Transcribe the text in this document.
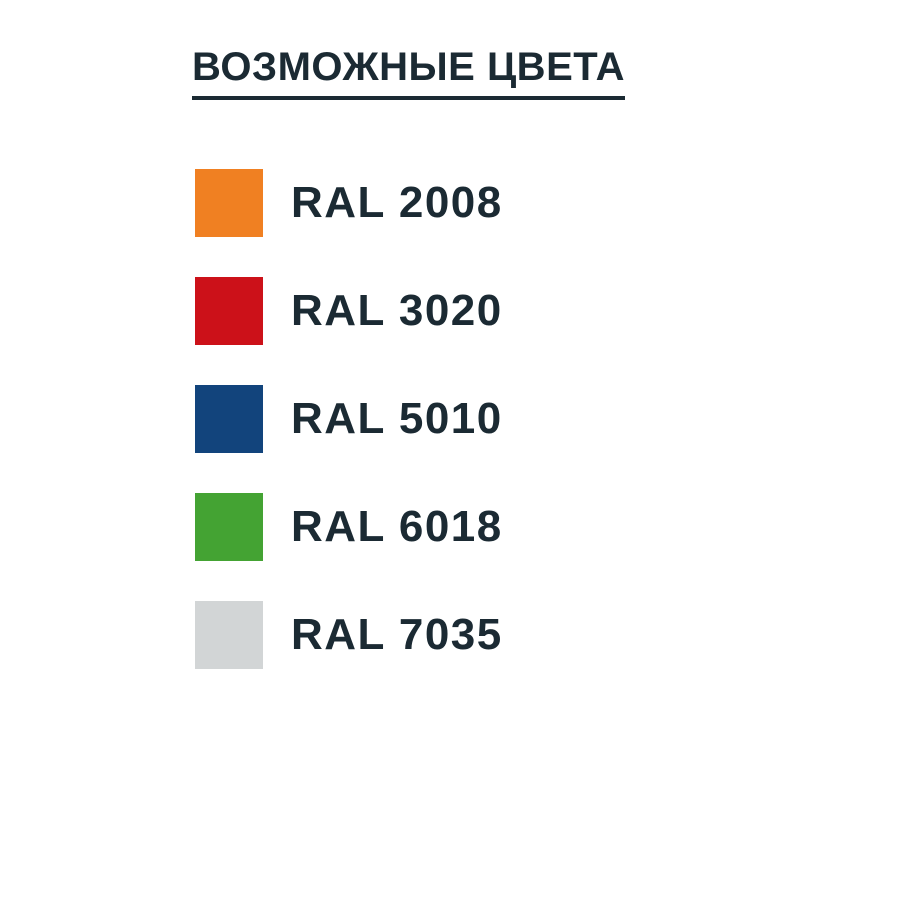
ВОЗМОЖНЫЕ ЦВЕТА
RAL 2008
RAL 3020
RAL 5010
RAL 6018
RAL 7035
